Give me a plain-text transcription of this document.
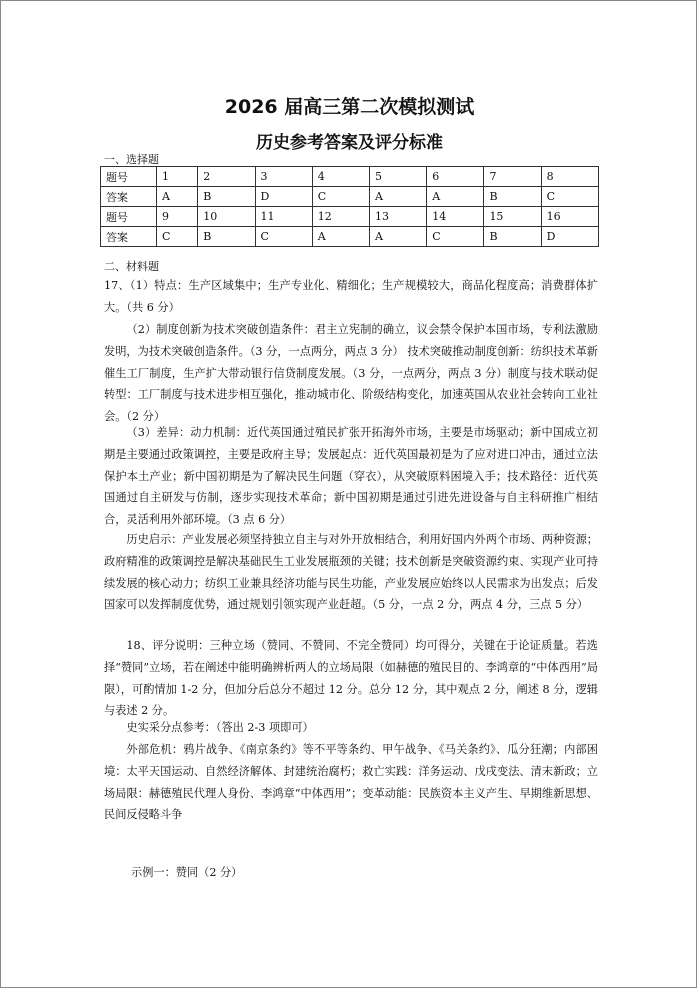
2026 届高三第二次模拟测试
历史参考答案及评分标准
一、选择题
题号	1	2	3	4	5	6	7	8
答案	A	B	D	C	A	A	B	C
题号	9	10	11	12	13	14	15	16
答案	C	B	C	A	A	C	B	D
二、材料题
17、（1）特点：生产区域集中；生产专业化、精细化；生产规模较大，商品化程度高；消费群体扩大。（共 6 分）
（2）制度创新为技术突破创造条件：君主立宪制的确立，议会禁令保护本国市场，专利法激励发明，为技术突破创造条件。（3 分，一点两分，两点 3 分） 技术突破推动制度创新：纺织技术革新催生工厂制度，生产扩大带动银行信贷制度发展。（3 分，一点两分，两点 3 分）制度与技术联动促转型：工厂制度与技术进步相互强化，推动城市化、阶级结构变化，加速英国从农业社会转向工业社会。（2 分）
（3）差异：动力机制：近代英国通过殖民扩张开拓海外市场，主要是市场驱动；新中国成立初期是主要通过政策调控，主要是政府主导；发展起点：近代英国最初是为了应对进口冲击，通过立法保护本土产业；新中国初期是为了解决民生问题（穿衣），从突破原料困境入手；技术路径：近代英国通过自主研发与仿制，逐步实现技术革命；新中国初期是通过引进先进设备与自主科研推广相结合，灵活利用外部环境。（3 点 6 分）
历史启示：产业发展必须坚持独立自主与对外开放相结合，利用好国内外两个市场、两种资源；政府精准的政策调控是解决基础民生工业发展瓶颈的关键；技术创新是突破资源约束、实现产业可持续发展的核心动力；纺织工业兼具经济功能与民生功能，产业发展应始终以人民需求为出发点；后发国家可以发挥制度优势，通过规划引领实现产业赶超。（5 分，一点 2 分，两点 4 分，三点 5 分）
18、评分说明：三种立场（赞同、不赞同、不完全赞同）均可得分，关键在于论证质量。若选择“赞同”立场，若在阐述中能明确辨析两人的立场局限（如赫德的殖民目的、李鸿章的“中体西用”局限），可酌情加 1-2 分，但加分后总分不超过 12 分。总分 12 分，其中观点 2 分，阐述 8 分，逻辑与表述 2 分。
史实采分点参考：（答出 2-3 项即可）
外部危机：鸦片战争、《南京条约》等不平等条约、甲午战争、《马关条约》、瓜分狂潮；内部困境：太平天国运动、自然经济解体、封建统治腐朽；救亡实践：洋务运动、戊戌变法、清末新政；立场局限：赫德殖民代理人身份、李鸿章“中体西用”；变革动能：民族资本主义产生、早期维新思想、民间反侵略斗争
示例一：赞同（2 分）
